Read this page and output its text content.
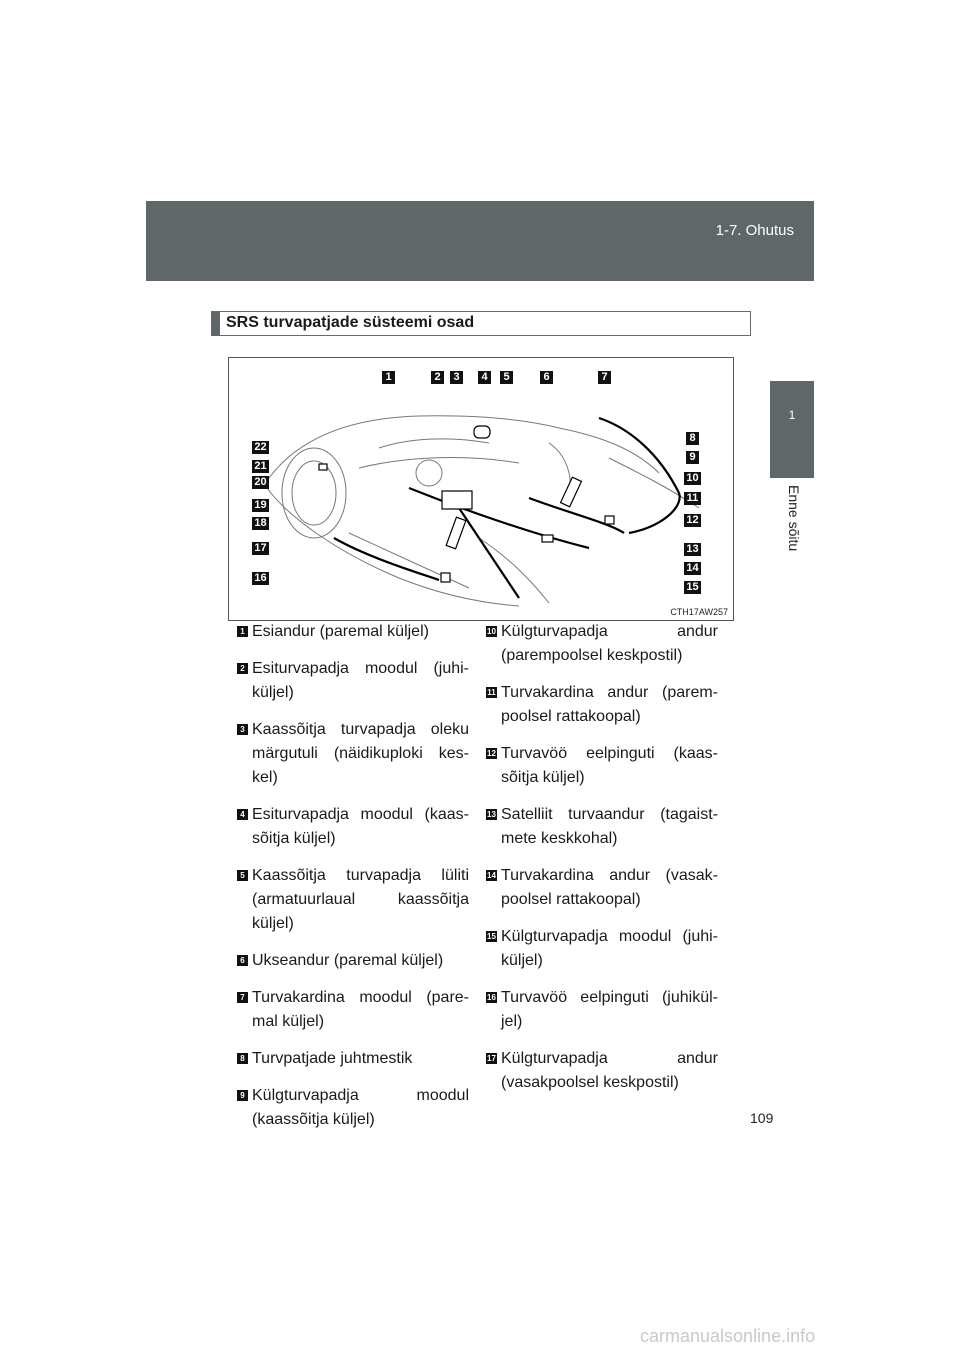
1-7. Ohutus
1
Enne sõitu
SRS turvapatjade süsteemi osad
1	2	3	4	5	6	7
8
9
10
11
12
13
14
15
16
17
18
19
20
21
22
CTH17AW257
1 Esiandur (paremal küljel)
2 Esiturvapadja moodul (juhi-küljel)
3 Kaassõitja turvapadja oleku märgutuli (näidikuploki kes-kel)
4 Esiturvapadja moodul (kaas-sõitja küljel)
5 Kaassõitja turvapadja lüliti (armatuurlaual kaassõitja küljel)
6 Ukseandur (paremal küljel)
7 Turvakardina moodul (pare-mal küljel)
8 Turvpatjade juhtmestik
9 Külgturvapadja moodul (kaassõitja küljel)
10 Külgturvapadja andur (parempoolsel keskpostil)
11 Turvakardina andur (parem-poolsel rattakoopal)
12 Turvavöö eelpinguti (kaas-sõitja küljel)
13 Satelliit turvaandur (tagaist-mete keskkohal)
14 Turvakardina andur (vasak-poolsel rattakoopal)
15 Külgturvapadja moodul (juhi-küljel)
16 Turvavöö eelpinguti (juhikül-jel)
17 Külgturvapadja andur (vasakpoolsel keskpostil)
109
carmanualsonline.info
